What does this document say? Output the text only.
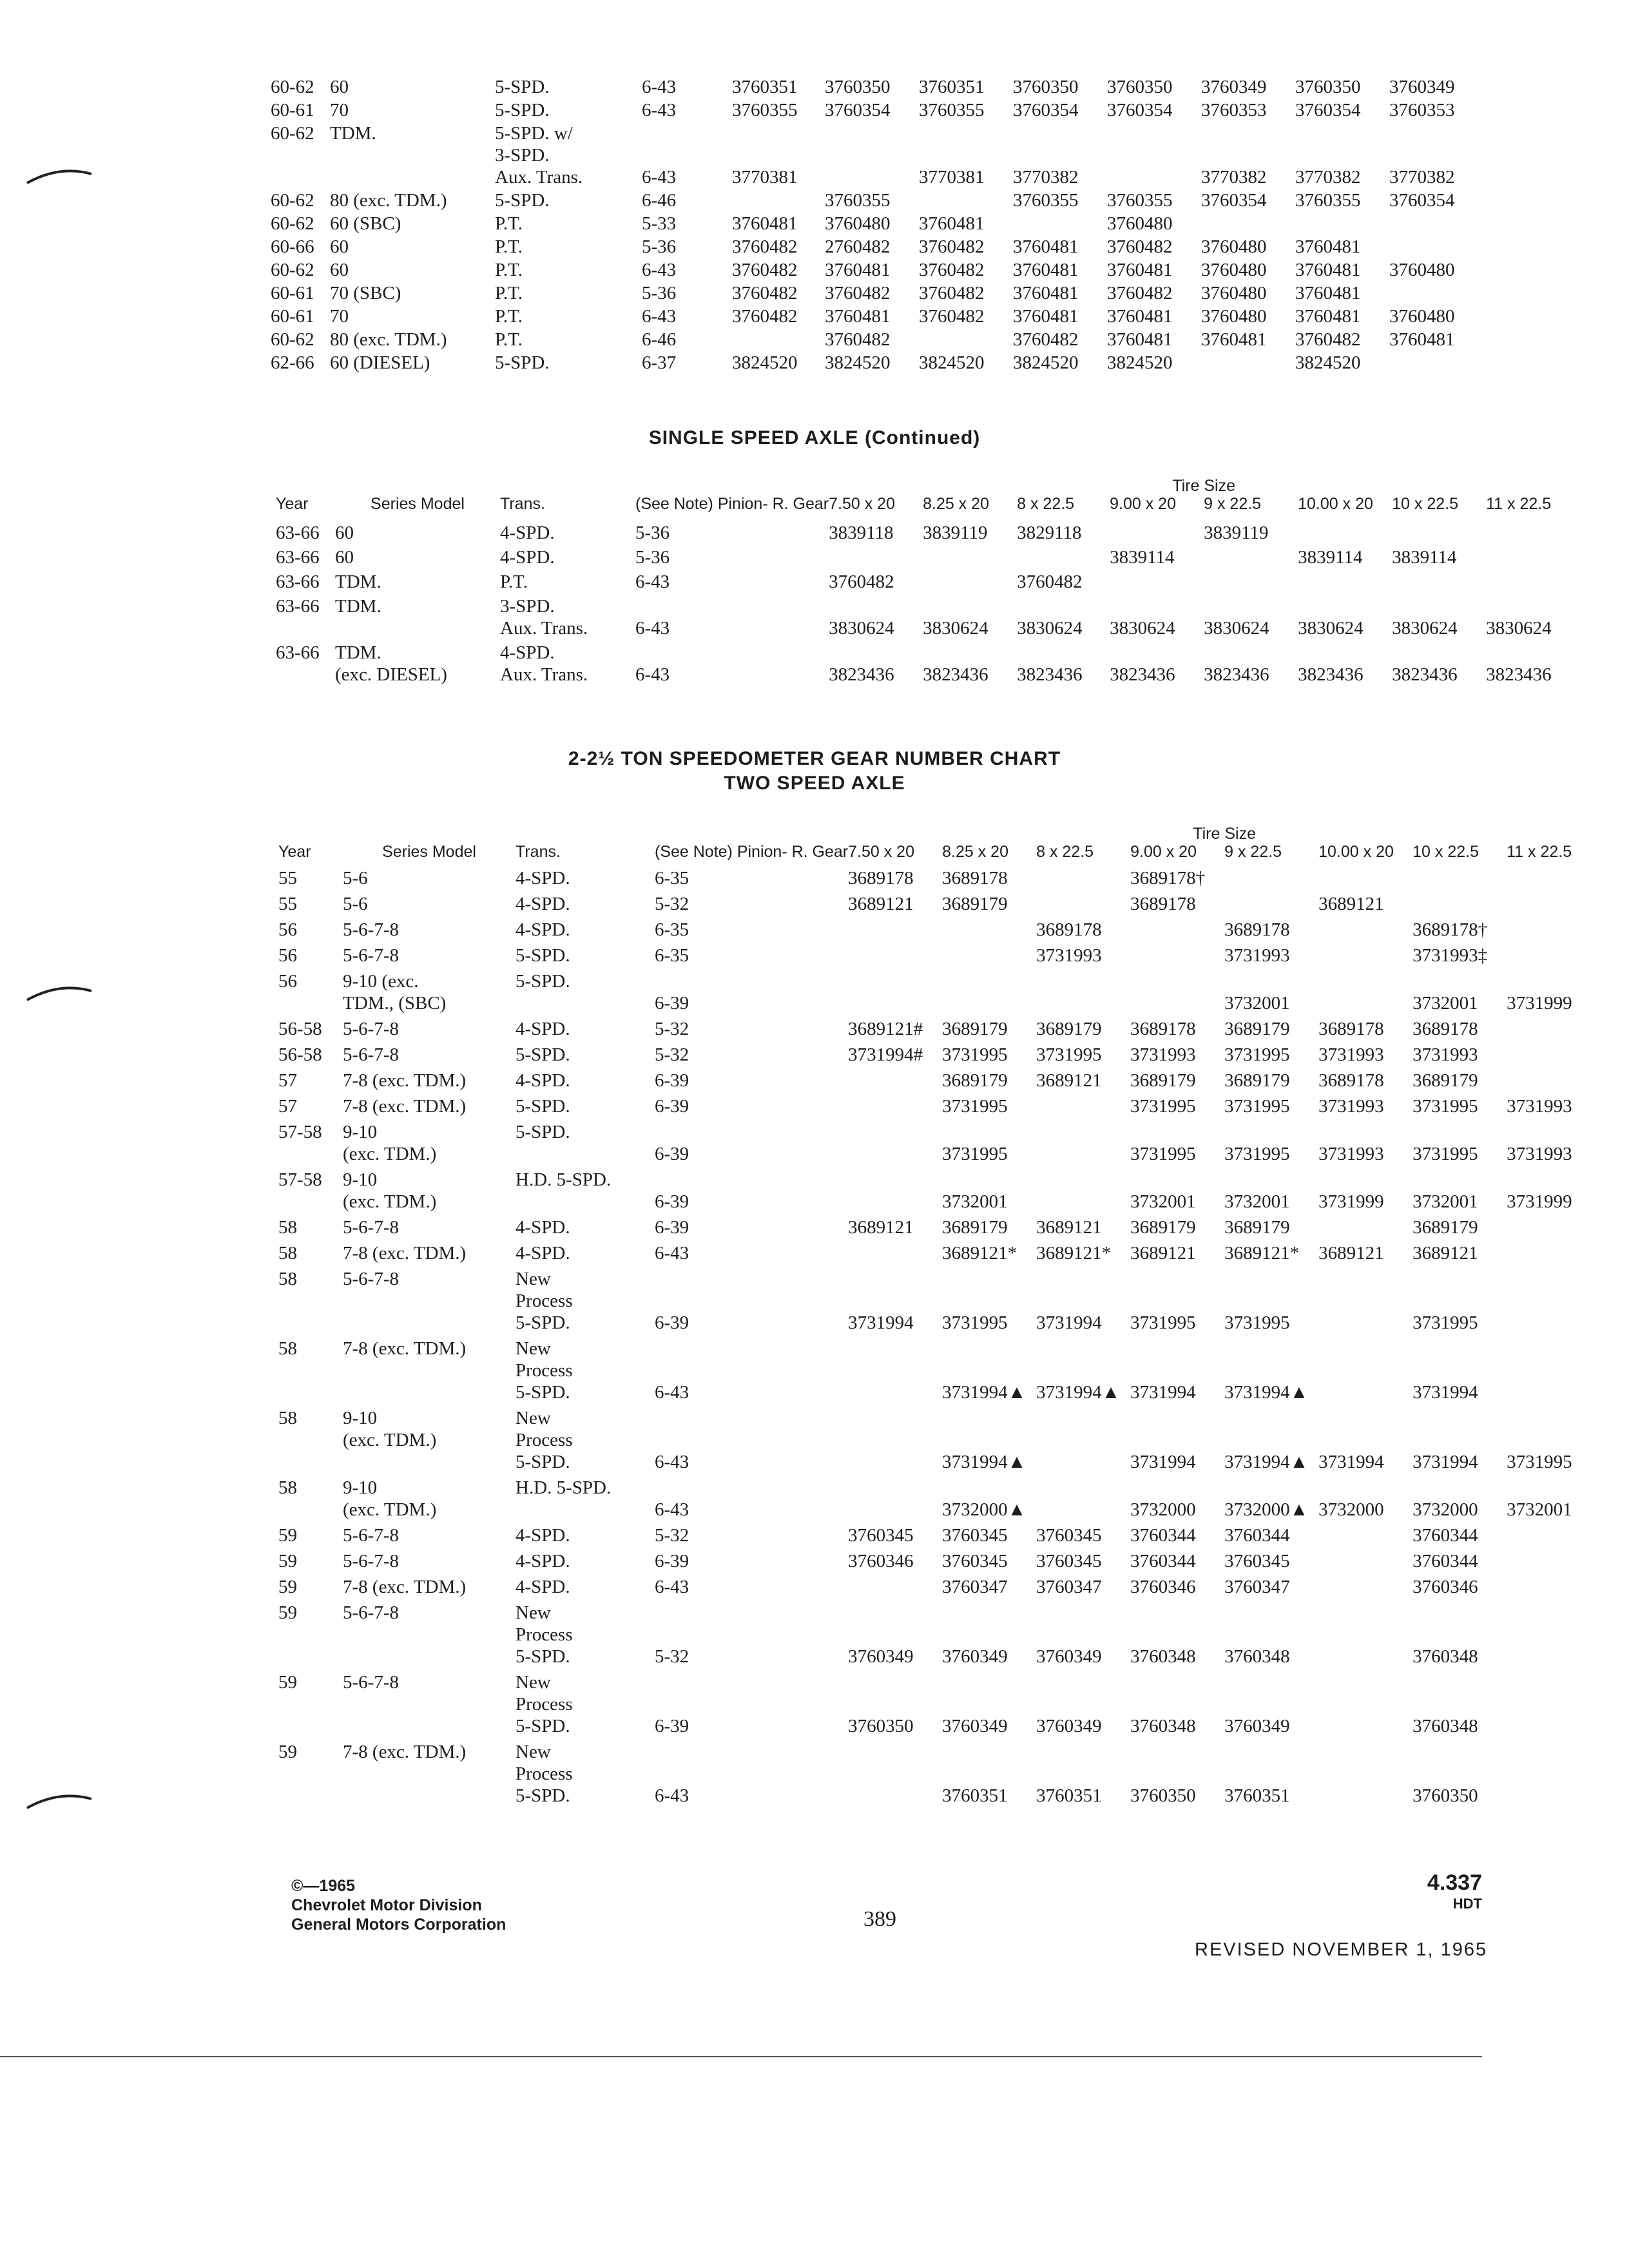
60-62	60	5-SPD.	6-43	3760351	3760350	3760351	3760350	3760350	3760349	3760350	3760349
60-61	70	5-SPD.	6-43	3760355	3760354	3760355	3760354	3760354	3760353	3760354	3760353
60-62	TDM.	5-SPD. w/
3-SPD.
Aux. Trans.	6-43	3770381		3770381	3770382		3770382	3770382	3770382
60-62	80 (exc. TDM.)	5-SPD.	6-46		3760355		3760355	3760355	3760354	3760355	3760354
60-62	60 (SBC)	P.T.	5-33	3760481	3760480	3760481		3760480			
60-66	60	P.T.	5-36	3760482	2760482	3760482	3760481	3760482	3760480	3760481	
60-62	60	P.T.	6-43	3760482	3760481	3760482	3760481	3760481	3760480	3760481	3760480
60-61	70 (SBC)	P.T.	5-36	3760482	3760482	3760482	3760481	3760482	3760480	3760481	
60-61	70	P.T.	6-43	3760482	3760481	3760482	3760481	3760481	3760480	3760481	3760480
60-62	80 (exc. TDM.)	P.T.	6-46		3760482		3760482	3760481	3760481	3760482	3760481
62-66	60 (DIESEL)	5-SPD.	6-37	3824520	3824520	3824520	3824520	3824520		3824520	
SINGLE SPEED AXLE (Continued)
							Tire Size				
Year	Series Model	Trans.	(See Note) Pinion- R. Gear	7.50 x 20	8.25 x 20	8 x 22.5	9.00 x 20	9 x 22.5	10.00 x 20	10 x 22.5	11 x 22.5
63-66	60	4-SPD.	5-36	3839118	3839119	3829118		3839119			
63-66	60	4-SPD.	5-36				3839114		3839114	3839114	
63-66	TDM.	P.T.	6-43	3760482		3760482					
63-66	TDM.	3-SPD.
Aux. Trans.	6-43	3830624	3830624	3830624	3830624	3830624	3830624	3830624	3830624
63-66	TDM.
(exc. DIESEL)	4-SPD.
Aux. Trans.	6-43	3823436	3823436	3823436	3823436	3823436	3823436	3823436	3823436
2-2½ TON SPEEDOMETER GEAR NUMBER CHART
TWO SPEED AXLE
							Tire Size				
Year	Series Model	Trans.	(See Note) Pinion- R. Gear	7.50 x 20	8.25 x 20	8 x 22.5	9.00 x 20	9 x 22.5	10.00 x 20	10 x 22.5	11 x 22.5
55	5-6	4-SPD.	6-35	3689178	3689178		3689178†				
55	5-6	4-SPD.	5-32	3689121	3689179		3689178		3689121		
56	5-6-7-8	4-SPD.	6-35			3689178		3689178		3689178†	
56	5-6-7-8	5-SPD.	6-35			3731993		3731993		3731993‡	
56	9-10 (exc.
TDM., (SBC)	5-SPD.	6-39					3732001		3732001	3731999
56-58	5-6-7-8	4-SPD.	5-32	3689121#	3689179	3689179	3689178	3689179	3689178	3689178	
56-58	5-6-7-8	5-SPD.	5-32	3731994#	3731995	3731995	3731993	3731995	3731993	3731993	
57	7-8 (exc. TDM.)	4-SPD.	6-39		3689179	3689121	3689179	3689179	3689178	3689179	
57	7-8 (exc. TDM.)	5-SPD.	6-39		3731995		3731995	3731995	3731993	3731995	3731993
57-58	9-10
(exc. TDM.)	5-SPD.	6-39		3731995		3731995	3731995	3731993	3731995	3731993
57-58	9-10
(exc. TDM.)	H.D. 5-SPD.	6-39		3732001		3732001	3732001	3731999	3732001	3731999
58	5-6-7-8	4-SPD.	6-39	3689121	3689179	3689121	3689179	3689179		3689179	
58	7-8 (exc. TDM.)	4-SPD.	6-43		3689121*	3689121*	3689121	3689121*	3689121	3689121	
58	5-6-7-8	New
Process
5-SPD.	6-39	3731994	3731995	3731994	3731995	3731995		3731995	
58	7-8 (exc. TDM.)	New
Process
5-SPD.	6-43		3731994▲	3731994▲	3731994	3731994▲		3731994	
58	9-10
(exc. TDM.)	New
Process
5-SPD.	6-43		3731994▲		3731994	3731994▲	3731994	3731994	3731995
58	9-10
(exc. TDM.)	H.D. 5-SPD.	6-43		3732000▲		3732000	3732000▲	3732000	3732000	3732001
59	5-6-7-8	4-SPD.	5-32	3760345	3760345	3760345	3760344	3760344		3760344	
59	5-6-7-8	4-SPD.	6-39	3760346	3760345	3760345	3760344	3760345		3760344	
59	7-8 (exc. TDM.)	4-SPD.	6-43		3760347	3760347	3760346	3760347		3760346	
59	5-6-7-8	New
Process
5-SPD.	5-32	3760349	3760349	3760349	3760348	3760348		3760348	
59	5-6-7-8	New
Process
5-SPD.	6-39	3760350	3760349	3760349	3760348	3760349		3760348	
59	7-8 (exc. TDM.)	New
Process
5-SPD.	6-43		3760351	3760351	3760350	3760351		3760350	
©—1965
Chevrolet Motor Division
General Motors Corporation	389
4.337
HDT
REVISED NOVEMBER 1, 1965
